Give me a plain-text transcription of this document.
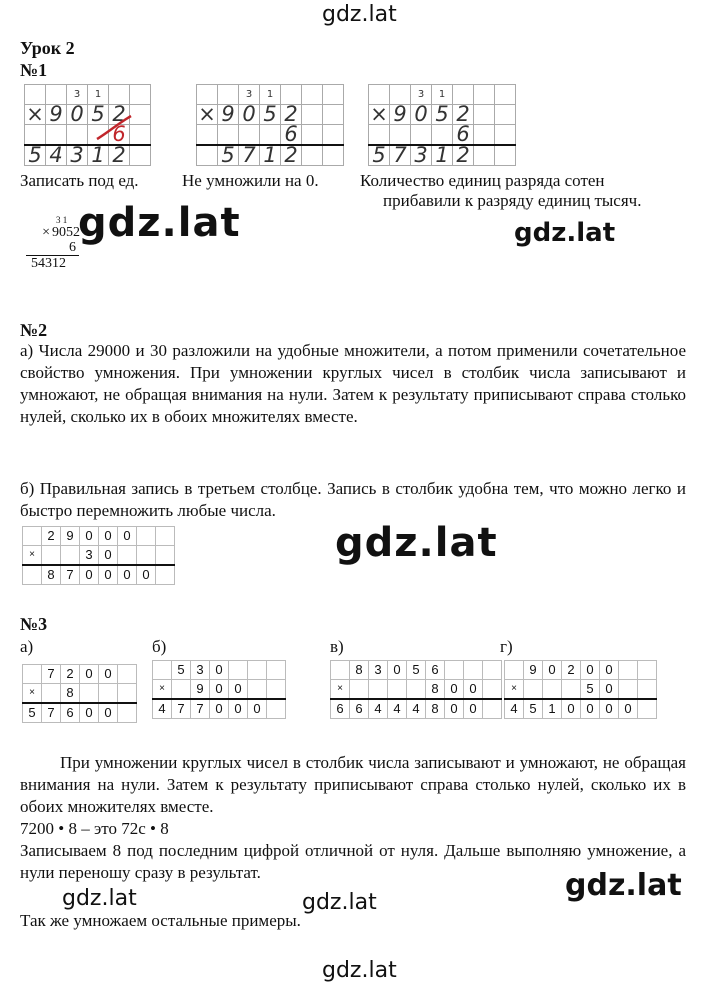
gdz.lat
gdz.lat	gdz.lat
gdz.lat
gdz.lat
gdz.lat	gdz.lat
gdz.lat
Урок 2
№1
		3	1		
×	9	0	5	2	
				6	
5	4	3	1	2	
		3	1			
×	9	0	5	2		
				6		
	5	7	1	2		
		3	1			
×	9	0	5	2		
				6		
5	7	3	1	2		
Записать под ед.	Не умножили на 0. Количество единиц разряда сотен
прибавили к разряду единиц тысяч.
3 1
× 9052
6
54312
№2
а) Числа 29000 и 30 разложили на удобные множители, а потом применили сочетательное свойство умножения. При умножении круглых чисел в столбик числа записывают и умножают, не обращая внимания на нули. Затем к результату приписывают справа столько нулей, сколько их в обоих множителях вместе.
б) Правильная запись в третьем столбце. Запись в столбик удобна тем, что можно легко и быстро перемножить любые числа.
	2	9	0	0	0		
×			3	0			
	8	7	0	0	0	0	
№3
а)	б)	в)	г)
	7	2	0	0	
×		8			
5	7	6	0	0	
	5	3	0			
×		9	0	0		
4	7	7	0	0	0	
	8	3	0	5	6			
×					8	0	0	
6	6	4	4	4	8	0	0	
	9	0	2	0	0		
×				5	0		
4	5	1	0	0	0	0	
При умножении круглых чисел в столбик числа записывают и умножают, не обращая внимания на нули. Затем к результату приписывают справа столько нулей, сколько их в обоих множителях вместе.
7200 • 8 – это 72с • 8
Записываем 8 под последним цифрой отличной от нуля. Дальше выполняю умножение, а нули переношу сразу в результат.
Так же умножаем остальные примеры.
